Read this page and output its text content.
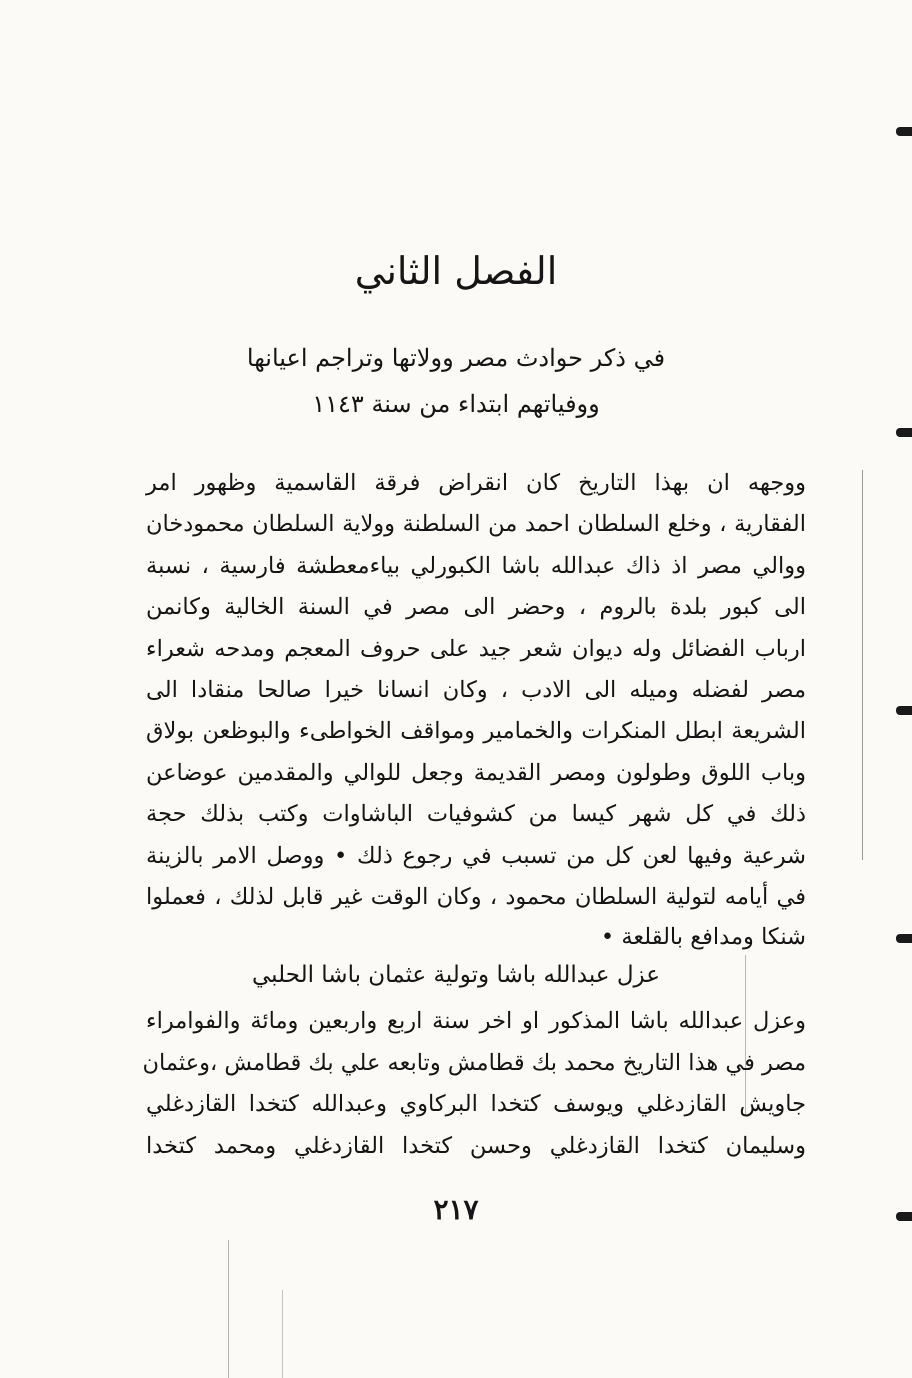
الفصل الثاني
في ذكر حوادث مصر وولاتها وتراجم اعيانها
ووفياتهم ابتداء من سنة ١١٤٣
ووجهه ان بهذا التاريخ كان انقراض فرقة القاسمية وظهور امر
الفقارية ، وخلع السلطان احمد من السلطنة وولاية السلطان محمودخان
ووالي مصر اذ ذاك عبدالله باشا الكبورلي بياءمعطشة فارسية ، نسبة
الى كبور بلدة بالروم ، وحضر الى مصر في السنة الخالية وكانمن
ارباب الفضائل وله ديوان شعر جيد على حروف المعجم ومدحه شعراء
مصر لفضله وميله الى الادب ، وكان انسانا خيرا صالحا منقادا الى
الشريعة ابطل المنكرات والخمامير ومواقف الخواطىء والبوظعن بولاق
وباب اللوق وطولون ومصر القديمة وجعل للوالي والمقدمين عوضاعن
ذلك في كل شهر كيسا من كشوفيات الباشاوات وكتب بذلك حجة
شرعية وفيها لعن كل من تسبب في رجوع ذلك • ووصل الامر بالزينة
في أيامه لتولية السلطان محمود ، وكان الوقت غير قابل لذلك ، فعملوا
شنكا ومدافع بالقلعة •
عزل عبدالله باشا وتولية عثمان باشا الحلبي
وعزل عبدالله باشا المذكور او اخر سنة اربع واربعين ومائة والفوامراء
مصر في هذا التاريخ محمد بك قطامش وتابعه علي بك قطامش ،وعثمان
جاويش القازدغلي ويوسف كتخدا البركاوي وعبدالله كتخدا القازدغلي
وسليمان كتخدا القازدغلي وحسن كتخدا القازدغلي ومحمد كتخدا
٢١٧
